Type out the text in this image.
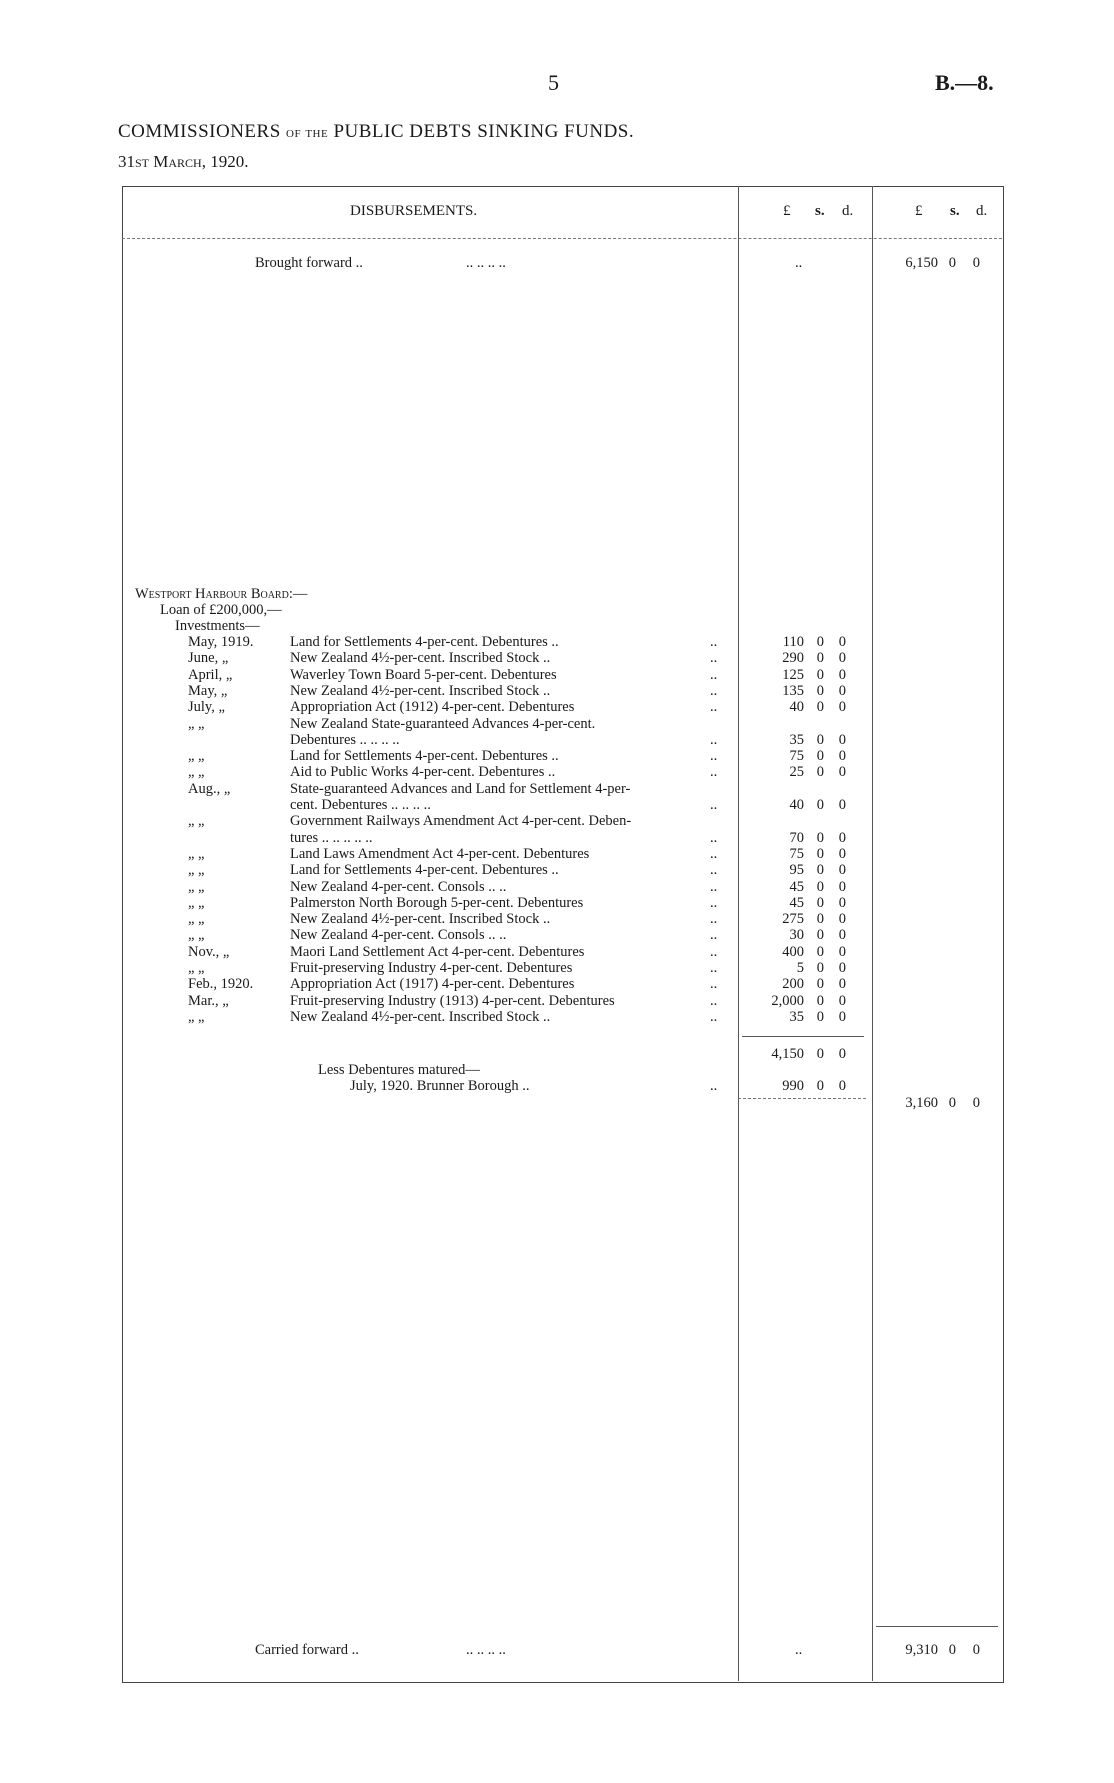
5	B.—8.
COMMISSIONERS of the PUBLIC DEBTS SINKING FUNDS.
31st March, 1920.
DISBURSEMENTS.	£ s. d.	£ s. d.
Brought forward ..	.. .. .. ..	..	6,150 0	0
Westport Harbour Board:—
Loan of £200,000,—
Investments—
May, 1919.	Land for Settlements 4-per-cent. Debentures ..	..	110 0	0
June, „	New Zealand 4½-per-cent. Inscribed Stock ..	..	290 0	0
April, „	Waverley Town Board 5-per-cent. Debentures	..	125 0	0
May, „	New Zealand 4½-per-cent. Inscribed Stock ..	..	135 0	0
July, „	Appropriation Act (1912) 4-per-cent. Debentures	..	40 0	0
„ „	New Zealand State-guaranteed Advances 4-per-cent.
Debentures .. .. .. ..	..	35 0	0
„ „	Land for Settlements 4-per-cent. Debentures ..	..	75 0	0
„ „	Aid to Public Works 4-per-cent. Debentures ..	..	25 0	0
Aug., „	State-guaranteed Advances and Land for Settlement 4-per-
cent. Debentures .. .. .. ..	..	40 0	0
„ „	Government Railways Amendment Act 4-per-cent. Deben-
tures .. .. .. .. ..	..	70 0	0
„ „	Land Laws Amendment Act 4-per-cent. Debentures	..	75 0	0
„ „	Land for Settlements 4-per-cent. Debentures ..	..	95 0	0
„ „	New Zealand 4-per-cent. Consols .. ..	..	45 0	0
„ „	Palmerston North Borough 5-per-cent. Debentures	..	45 0	0
„ „	New Zealand 4½-per-cent. Inscribed Stock ..	..	275 0	0
„ „	New Zealand 4-per-cent. Consols .. ..	..	30 0	0
Nov., „	Maori Land Settlement Act 4-per-cent. Debentures	..	400 0	0
„ „	Fruit-preserving Industry 4-per-cent. Debentures	..	5 0	0
Feb., 1920.	Appropriation Act (1917) 4-per-cent. Debentures	..	200 0	0
Mar., „	Fruit-preserving Industry (1913) 4-per-cent. Debentures	..	2,000 0	0
„ „	New Zealand 4½-per-cent. Inscribed Stock ..	..	35 0	0
4,150 0	0
Less Debentures matured—
July, 1920. Brunner Borough ..	..	990 0	0
3,160 0	0
Carried forward ..	.. .. .. ..	..	9,310 0	0
